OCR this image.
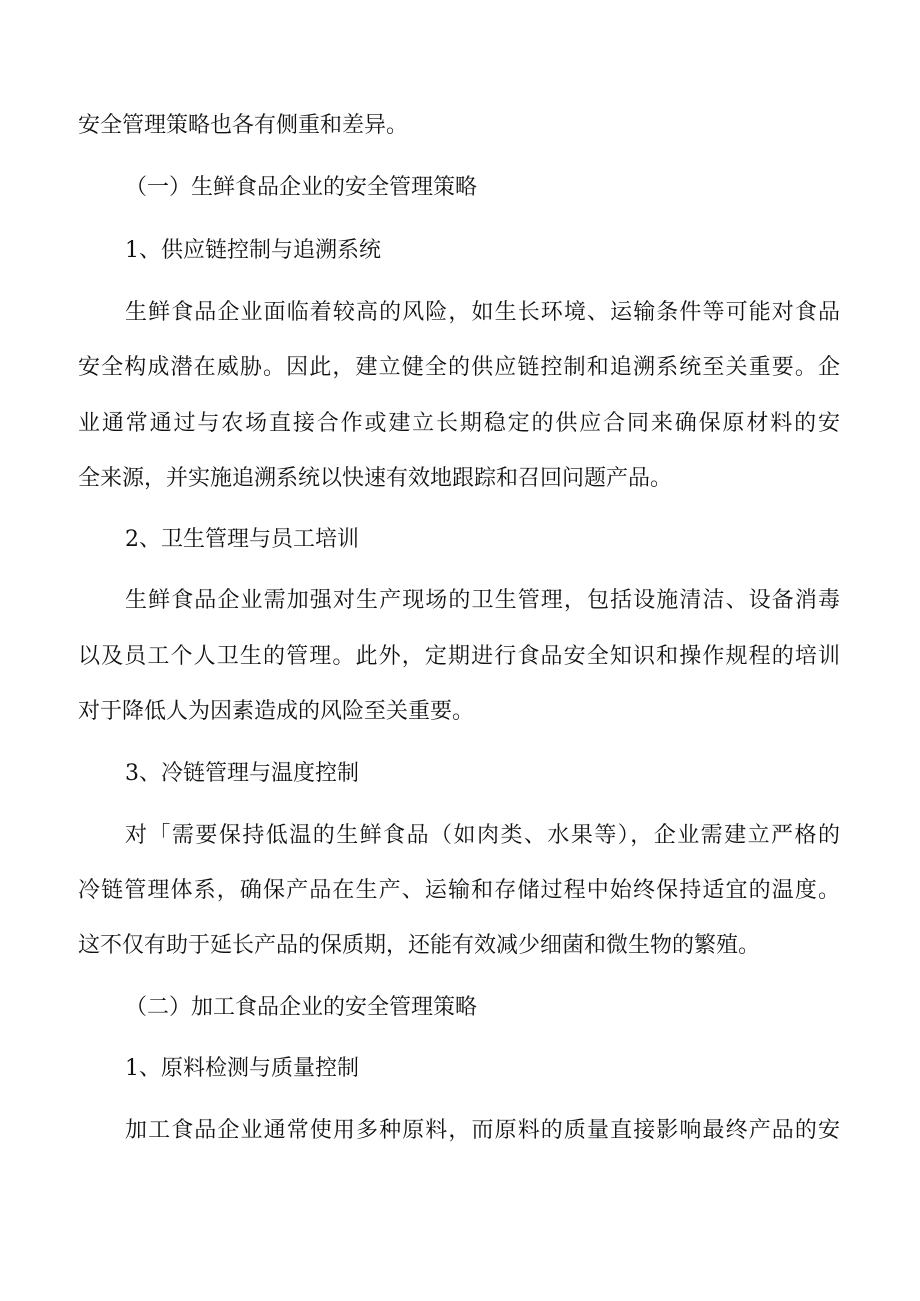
安全管理策略也各有侧重和差异。
（一）生鲜食品企业的安全管理策略
1、供应链控制与追溯系统
生鲜食品企业面临着较高的风险，如生长环境、运输条件等可能对食品
安全构成潜在威胁。因此，建立健全的供应链控制和追溯系统至关重要。企
业通常通过与农场直接合作或建立长期稳定的供应合同来确保原材料的安
全来源，并实施追溯系统以快速有效地跟踪和召回问题产品。
2、卫生管理与员工培训
生鲜食品企业需加强对生产现场的卫生管理，包括设施清洁、设备消毒
以及员工个人卫生的管理。此外，定期进行食品安全知识和操作规程的培训
对于降低人为因素造成的风险至关重要。
3、冷链管理与温度控制
对「需要保持低温的生鲜食品（如肉类、水果等），企业需建立严格的
冷链管理体系，确保产品在生产、运输和存储过程中始终保持适宜的温度。
这不仅有助于延长产品的保质期，还能有效减少细菌和微生物的繁殖。
（二）加工食品企业的安全管理策略
1、原料检测与质量控制
加工食品企业通常使用多种原料，而原料的质量直接影响最终产品的安
